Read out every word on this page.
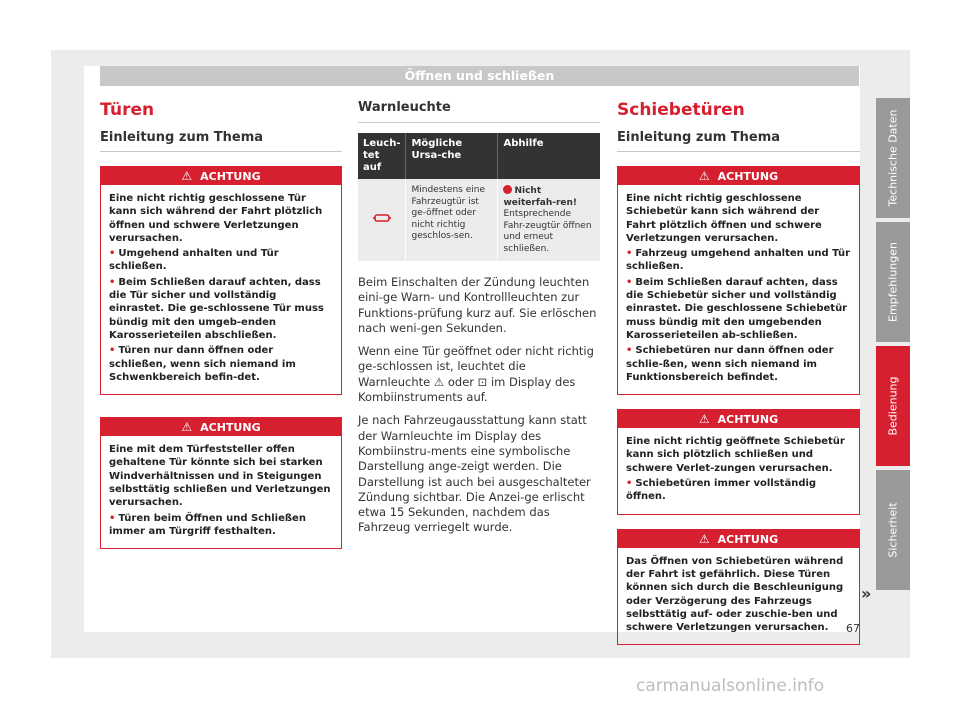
Öffnen und schließen
Türen
Einleitung zum Thema
⚠ ACHTUNG

Eine nicht richtig geschlossene Tür kann sich während der Fahrt plötzlich öffnen und schwere Verletzungen verursachen.

• Umgehend anhalten und Tür schließen.

• Beim Schließen darauf achten, dass die Tür sicher und vollständig einrastet. Die ge-schlossene Tür muss bündig mit den umgeb-enden Karosserieteilen abschließen.

• Türen nur dann öffnen oder schließen, wenn sich niemand im Schwenkbereich befin-det.

⚠ ACHTUNG

Eine mit dem Türfeststeller offen gehaltene Tür könnte sich bei starken Windverhältnissen und in Steigungen selbsttätig schließen und Verletzungen verursachen.

• Türen beim Öffnen und Schließen immer am Türgriff festhalten.

Warnleuchte
Leuch-tet auf	Mögliche Ursa-che	Abhilfe
	Mindestens eine Fahrzeugtür ist ge-öffnet oder nicht richtig geschlos-sen.	Nicht weiterfah-ren!
Entsprechende Fahr-zeugtür öffnen und erneut schließen.

Beim Einschalten der Zündung leuchten eini-ge Warn- und Kontrollleuchten zur Funktions-prüfung kurz auf. Sie erlöschen nach weni-gen Sekunden.

Wenn eine Tür geöffnet oder nicht richtig ge-schlossen ist, leuchtet die Warnleuchte ⚠ oder ⊡ im Display des Kombiinstruments auf.

Je nach Fahrzeugausstattung kann statt der Warnleuchte im Display des Kombiinstru-ments eine symbolische Darstellung ange-zeigt werden. Die Darstellung ist auch bei ausgeschalteter Zündung sichtbar. Die Anzei-ge erlischt etwa 15 Sekunden, nachdem das Fahrzeug verriegelt wurde.

Schiebetüren
Einleitung zum Thema
⚠ ACHTUNG

Eine nicht richtig geschlossene Schiebetür kann sich während der Fahrt plötzlich öffnen und schwere Verletzungen verursachen.

• Fahrzeug umgehend anhalten und Tür schließen.

• Beim Schließen darauf achten, dass die Schiebetür sicher und vollständig einrastet. Die geschlossene Schiebetür muss bündig mit den umgebenden Karosserieteilen ab-schließen.

• Schiebetüren nur dann öffnen oder schlie-ßen, wenn sich niemand im Funktionsbereich befindet.

⚠ ACHTUNG

Eine nicht richtig geöffnete Schiebetür kann sich plötzlich schließen und schwere Verlet-zungen verursachen.

• Schiebetüren immer vollständig öffnen.

⚠ ACHTUNG

Das Öffnen von Schiebetüren während der Fahrt ist gefährlich. Diese Türen können sich durch die Beschleunigung oder Verzögerung des Fahrzeugs selbsttätig auf- oder zuschie-ben und schwere Verletzungen verursachen.

»
Technische Daten
Empfehlungen
Bedienung
Sicherheit
67
carmanualsonline.info
